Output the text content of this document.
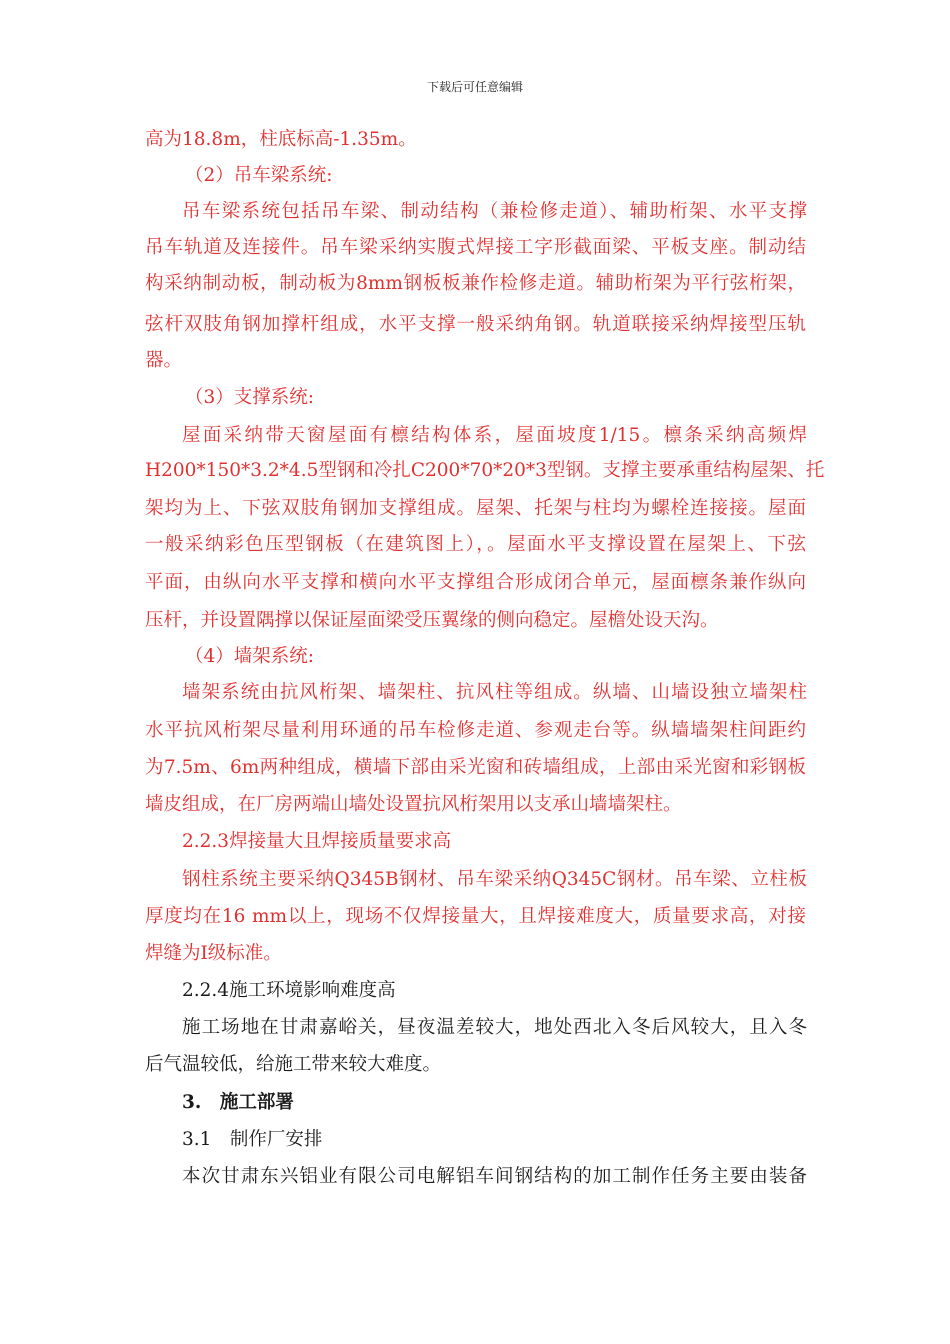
下载后可任意编辑
高为18.8m，柱底标高-1.35m。
（2）吊车梁系统:
吊车梁系统包括吊车梁、制动结构（兼检修走道）、辅助桁架、水平支撑
吊车轨道及连接件。吊车梁采纳实腹式焊接工字形截面梁、平板支座。制动结
构采纳制动板，制动板为8mm钢板板兼作检修走道。辅助桁架为平行弦桁架，
弦杆双肢角钢加撑杆组成，水平支撑一般采纳角钢。轨道联接采纳焊接型压轨
器。
（3）支撑系统:
屋面采纳带天窗屋面有檩结构体系，屋面坡度1/15。檩条采纳高频焊
H200*150*3.2*4.5型钢和冷扎C200*70*20*3型钢。支撑主要承重结构屋架、托
架均为上、下弦双肢角钢加支撑组成。屋架、托架与柱均为螺栓连接接。屋面
一般采纳彩色压型钢板（在建筑图上），。屋面水平支撑设置在屋架上、下弦
平面，由纵向水平支撑和横向水平支撑组合形成闭合单元，屋面檩条兼作纵向
压杆，并设置隅撑以保证屋面梁受压翼缘的侧向稳定。屋檐处设天沟。
（4）墙架系统:
墙架系统由抗风桁架、墙架柱、抗风柱等组成。纵墙、山墙设独立墙架柱
水平抗风桁架尽量利用环通的吊车检修走道、参观走台等。纵墙墙架柱间距约
为7.5m、6m两种组成，横墙下部由采光窗和砖墙组成，上部由采光窗和彩钢板
墙皮组成，在厂房两端山墙处设置抗风桁架用以支承山墙墙架柱。
2.2.3焊接量大且焊接质量要求高
钢柱系统主要采纳Q345B钢材、吊车梁采纳Q345C钢材。吊车梁、立柱板
厚度均在16 mm以上，现场不仅焊接量大，且焊接难度大，质量要求高，对接
焊缝为Ⅰ级标准。
2.2.4施工环境影响难度高
施工场地在甘肃嘉峪关，昼夜温差较大，地处西北入冬后风较大，且入冬
后气温较低，给施工带来较大难度。
3.　施工部署
3.1　制作厂安排
本次甘肃东兴铝业有限公司电解铝车间钢结构的加工制作任务主要由装备
